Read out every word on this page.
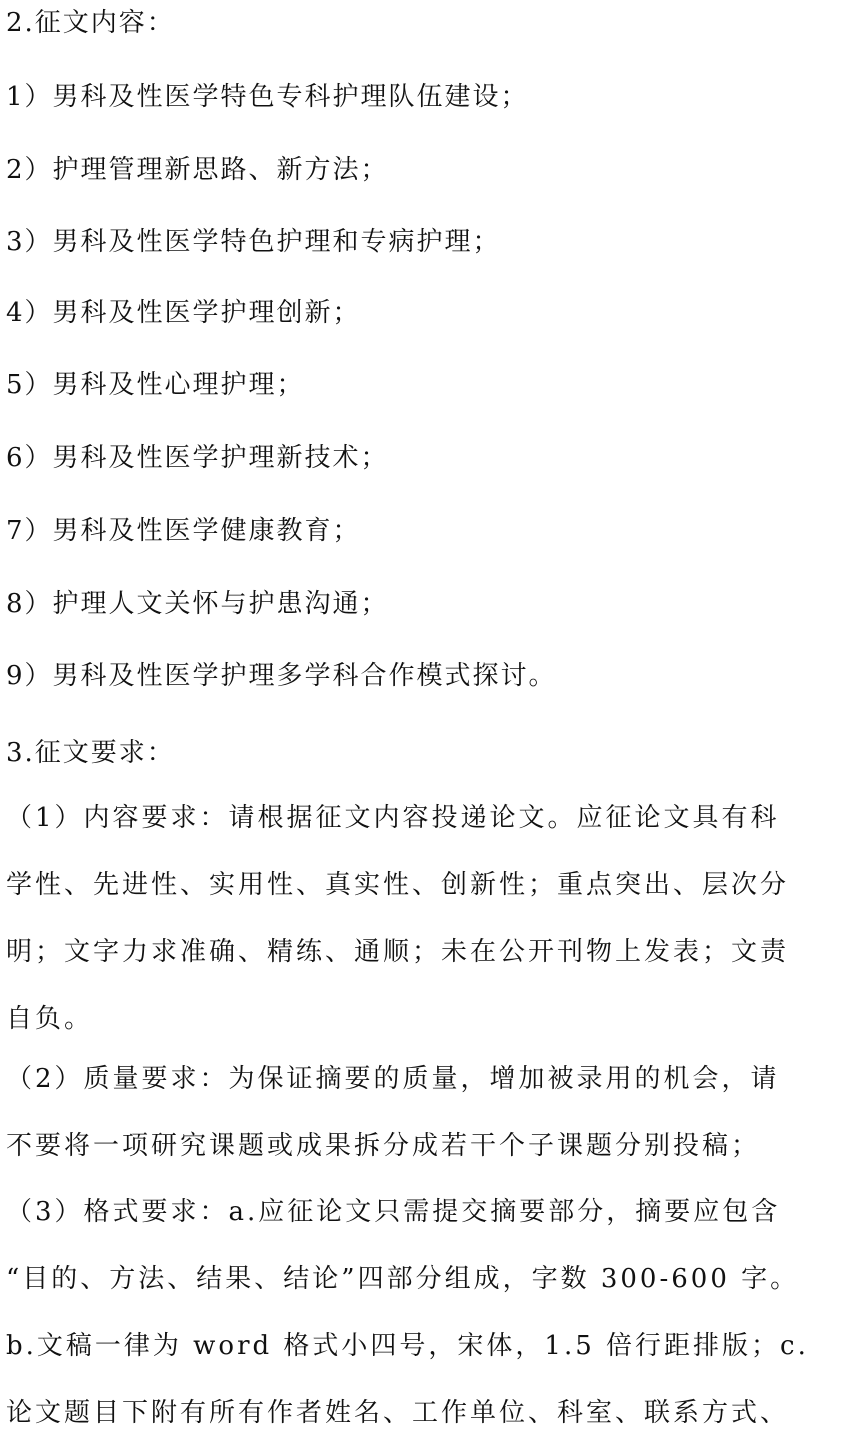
2.征文内容：
1）男科及性医学特色专科护理队伍建设；
2）护理管理新思路、新方法；
3）男科及性医学特色护理和专病护理；
4）男科及性医学护理创新；
5）男科及性心理护理；
6）男科及性医学护理新技术；
7）男科及性医学健康教育；
8）护理人文关怀与护患沟通；
9）男科及性医学护理多学科合作模式探讨。
3.征文要求：
（1）内容要求：请根据征文内容投递论文。应征论文具有科
学性、先进性、实用性、真实性、创新性；重点突出、层次分
明；文字力求准确、精练、通顺；未在公开刊物上发表；文责
自负。
（2）质量要求：为保证摘要的质量，增加被录用的机会，请
不要将一项研究课题或成果拆分成若干个子课题分别投稿；
（3）格式要求：a.应征论文只需提交摘要部分，摘要应包含
“目的、方法、结果、结论”四部分组成，字数 300-600 字。
b.文稿一律为 word 格式小四号，宋体，1.5 倍行距排版；c.
论文题目下附有所有作者姓名、工作单位、科室、联系方式、
